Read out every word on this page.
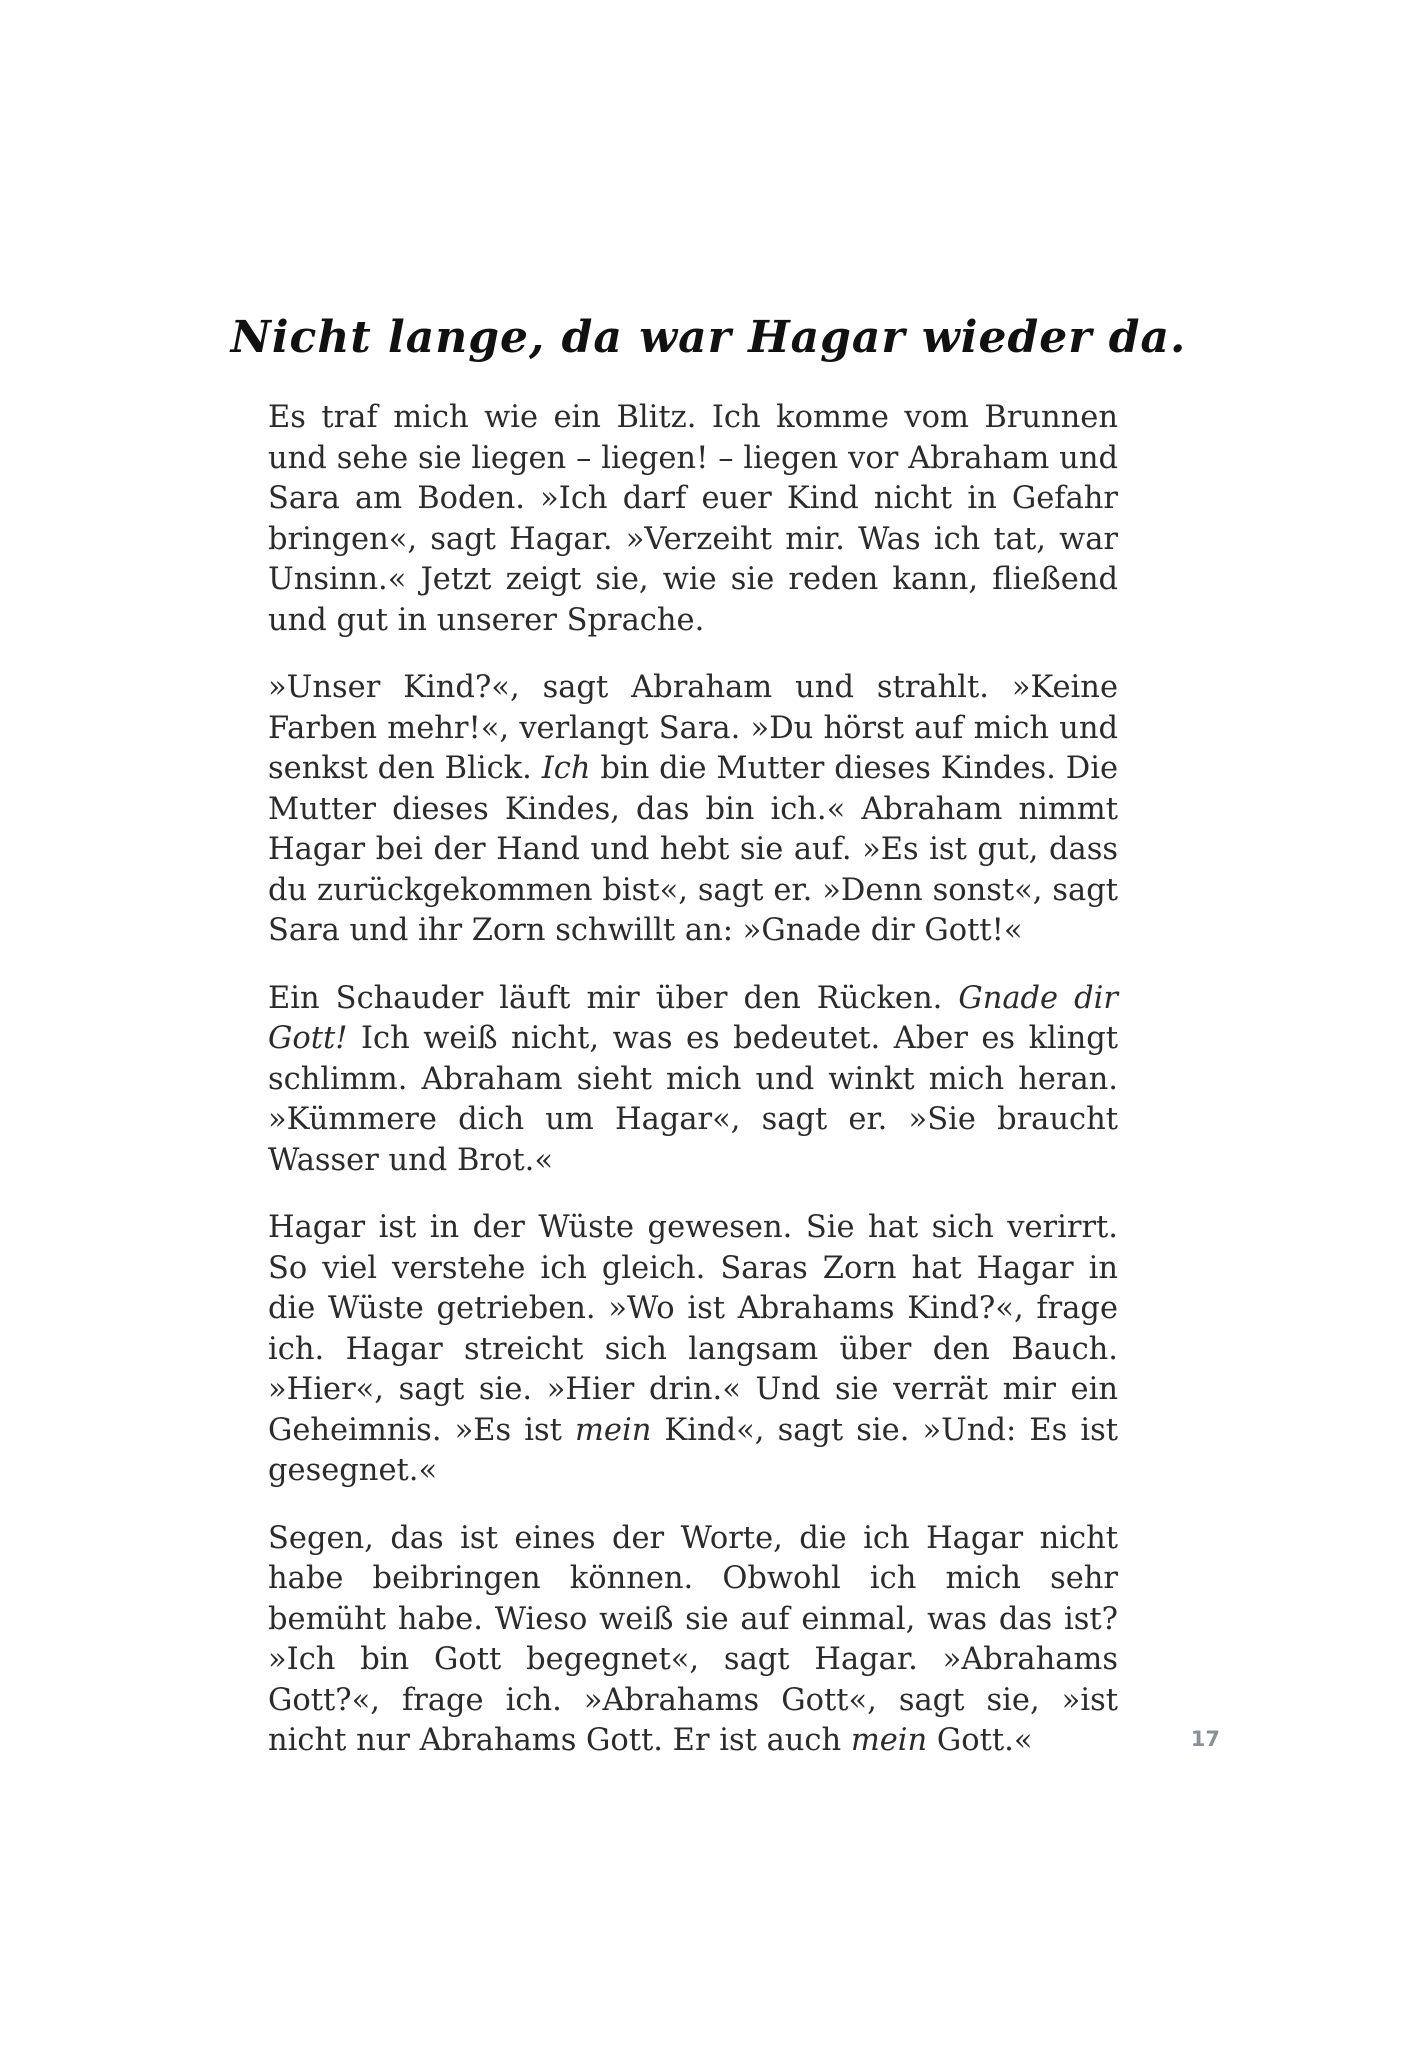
Nicht lange, da war Hagar wieder da.

Es traf mich wie ein Blitz. Ich komme vom Brunnen und sehe sie liegen – liegen! – liegen vor Abraham und Sara am Boden. »Ich darf euer Kind nicht in Gefahr bringen«, sagt Hagar. »Verzeiht mir. Was ich tat, war Unsinn.« Jetzt zeigt sie, wie sie reden kann, fließend und gut in unserer Sprache.

»Unser Kind?«, sagt Abraham und strahlt. »Keine Farben mehr!«, verlangt Sara. »Du hörst auf mich und senkst den Blick. Ich bin die Mutter dieses Kindes. Die Mutter dieses Kindes, das bin ich.« Abraham nimmt Hagar bei der Hand und hebt sie auf. »Es ist gut, dass du zurückgekommen bist«, sagt er. »Denn sonst«, sagt Sara und ihr Zorn schwillt an: »Gnade dir Gott!«

Ein Schauder läuft mir über den Rücken. Gnade dir Gott! Ich weiß nicht, was es bedeutet. Aber es klingt schlimm. Abraham sieht mich und winkt mich heran. »Kümmere dich um Hagar«, sagt er. »Sie braucht Wasser und Brot.«

Hagar ist in der Wüste gewesen. Sie hat sich verirrt. So viel verstehe ich gleich. Saras Zorn hat Hagar in die Wüste getrieben. »Wo ist Abrahams Kind?«, frage ich. Hagar streicht sich langsam über den Bauch. »Hier«, sagt sie. »Hier drin.« Und sie verrät mir ein Geheimnis. »Es ist mein Kind«, sagt sie. »Und: Es ist gesegnet.«

Segen, das ist eines der Worte, die ich Hagar nicht habe beibringen können. Obwohl ich mich sehr bemüht habe. Wieso weiß sie auf einmal, was das ist? »Ich bin Gott begegnet«, sagt Hagar. »Abrahams Gott?«, frage ich. »Abrahams Gott«, sagt sie, »ist nicht nur Abrahams Gott. Er ist auch mein Gott.«	17
